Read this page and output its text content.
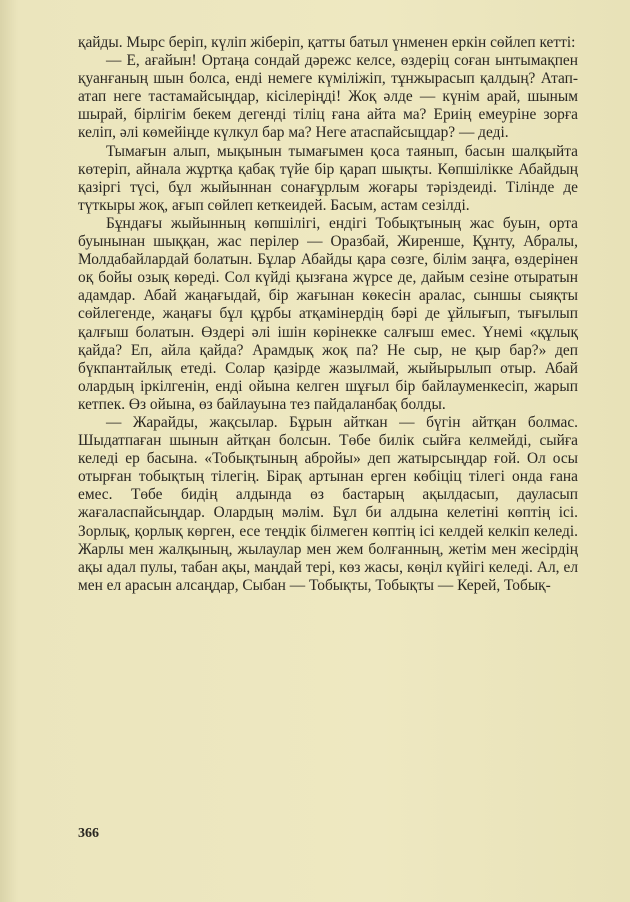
қайды. Мырс беріп, күліп жіберіп, қатты батыл үнменен еркін сөйлеп кетті:

— Е, ағайын! Ортаңа сондай дәрежс келсе, өздеріц соған ынтымақпен қуанғаның шын болса, енді немеге күміліжіп, тұнжырасып қалдың? Атап-атап неге тастамайсыңдар, кісілеріңді! Жоқ әлде — күнім арай, шыным шырай, бірлігім бекем дегенді тіліц ғана айта ма? Ериің емеуріне зорға келіп, әлі көмейіңде күлкул бар ма? Неге атаспайсыцдар? — деді.

Тымағын алып, мықынын тымағымен қоса таянып, басын шалқыйта көтеріп, айнала жұртқа қабақ түйе бір қарап шықты. Көпшілікке Абайдың қазіргі түсі, бұл жыйыннан сонағұрлым жоғары тәріздеиді. Тілінде де түткыры жоқ, ағып сөйлеп кеткеидей. Басым, астам сезілді.

Бұндағы жыйынның көпшілігі, ендігі Тобықтының жас буын, орта буынынан шыққан, жас перілер — Оразбай, Жиренше, Құнту, Абралы, Молдабайлардай болатын. Бұлар Абайды қара сөзге, білім заңға, өздерінен оқ бойы озық көреді. Сол күйді қызғана жүрсе де, дайым сезіне отыратын адамдар. Абай жаңағыдай, бір жағынан көкесін аралас, сыншы сыяқты сөйлегенде, жаңағы бұл құрбы атқамінердің бәрі де ұйлығып, тығылып қалғыш болатын. Өздері әлі ішін көрінекке салғыш емес. Үнемі «құлық қайда? Еп, айла қайда? Арамдық жоқ па? Не сыр, не қыр бар?» деп бүкпантайлық етеді. Солар қазірде жазылмай, жыйырылып отыр. Абай олардың іркілгенін, енді ойына келген шұғыл бір байлауменкесіп, жарып кетпек. Өз ойына, өз байлауына тез пайдаланбақ болды.

— Жарайды, жақсылар. Бұрын айткан — бүгін айтқан болмас. Шыдатпаған шынын айтқан болсын. Төбе билік сыйға келмейді, сыйға келеді ер басына. «Тобықтының абройы» деп жатырсыңдар ғой. Ол осы отырған тобықтың тілегің. Бірақ артынан ерген көбіціц тілегі онда ғана емес. Төбе бидің алдында өз бастарың ақылдасып, дауласып жағаласпайсыңдар. Олардың мәлім. Бұл би алдына келетіні көптің ісі. Зорлық, қорлық көрген, есе теңдік білмеген көптің ісі келдей келкіп келеді. Жарлы мен жалқының, жылаулар мен жем болғанның, жетім мен жесірдің ақы адал пулы, табан ақы, маңдай тері, көз жасы, көңіл күйігі келеді. Ал, ел мен ел арасын алсаңдар, Сыбан — Тобықты, Тобықты — Керей, Тобық-

366
